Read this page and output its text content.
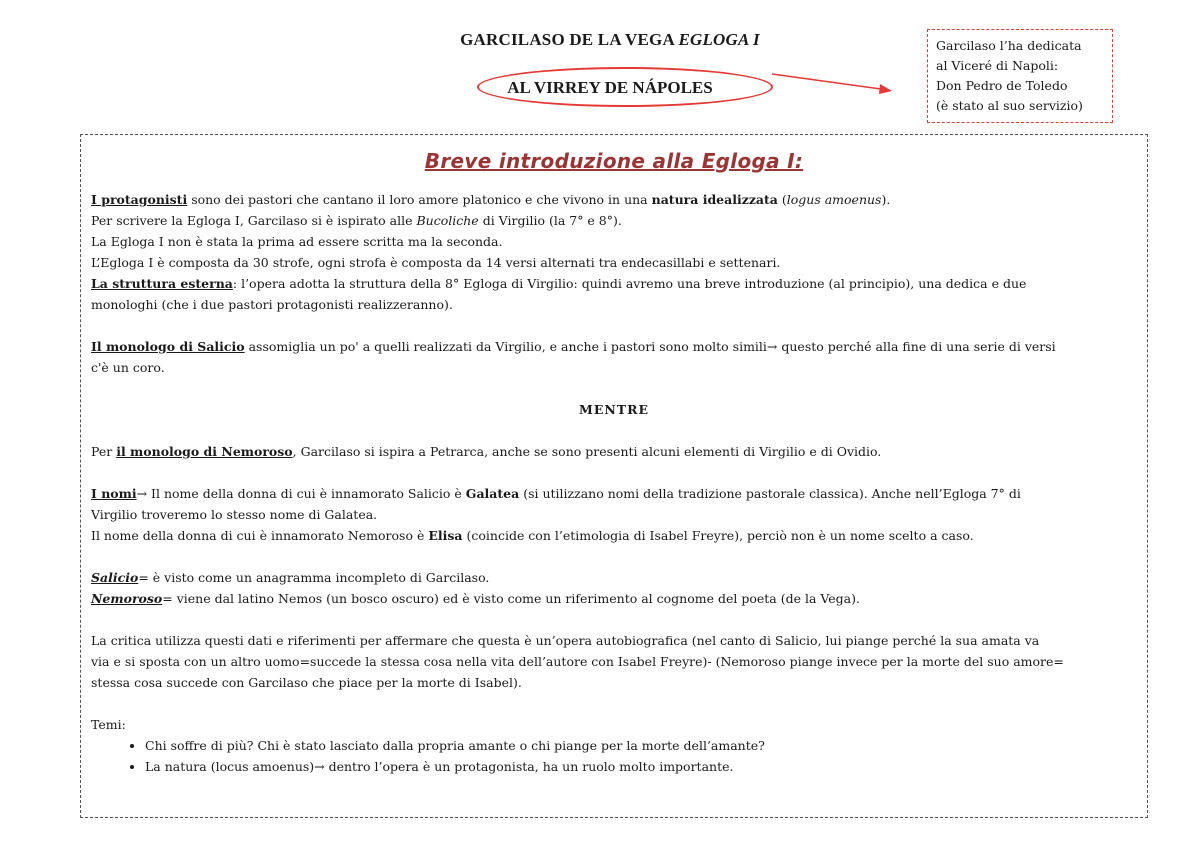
GARCILASO DE LA VEGA EGLOGA I
AL VIRREY DE NÁPOLES
Garcilaso l’ha dedicata
al Viceré di Napoli:
Don Pedro de Toledo
(è stato al suo servizio)
Breve introduzione alla Egloga I:
I protagonisti sono dei pastori che cantano il loro amore platonico e che vivono in una natura idealizzata (logus amoenus).
Per scrivere la Egloga I, Garcilaso si è ispirato alle Bucoliche di Virgilio (la 7° e 8°).
La Egloga I non è stata la prima ad essere scritta ma la seconda.
L’Egloga I è composta da 30 strofe, ogni strofa è composta da 14 versi alternati tra endecasillabi e settenari.
La struttura esterna: l’opera adotta la struttura della 8° Egloga di Virgilio: quindi avremo una breve introduzione (al principio), una dedica e due
monologhi (che i due pastori protagonisti realizzeranno).
Il monologo di Salicio assomiglia un po' a quelli realizzati da Virgilio, e anche i pastori sono molto simili→ questo perché alla fine di una serie di versi
c'è un coro.
MENTRE
Per il monologo di Nemoroso, Garcilaso si ispira a Petrarca, anche se sono presenti alcuni elementi di Virgilio e di Ovidio.
I nomi→ Il nome della donna di cui è innamorato Salicio è Galatea (si utilizzano nomi della tradizione pastorale classica). Anche nell’Egloga 7° di
Virgilio troveremo lo stesso nome di Galatea.
Il nome della donna di cui è innamorato Nemoroso è Elisa (coincide con l’etimologia di Isabel Freyre), perciò non è un nome scelto a caso.
Salicio= è visto come un anagramma incompleto di Garcilaso.
Nemoroso= viene dal latino Nemos (un bosco oscuro) ed è visto come un riferimento al cognome del poeta (de la Vega).
La critica utilizza questi dati e riferimenti per affermare che questa è un’opera autobiografica (nel canto di Salicio, lui piange perché la sua amata va
via e si sposta con un altro uomo=succede la stessa cosa nella vita dell’autore con Isabel Freyre)- (Nemoroso piange invece per la morte del suo amore=
stessa cosa succede con Garcilaso che piace per la morte di Isabel).
Temi:
• Chi soffre di più? Chi è stato lasciato dalla propria amante o chi piange per la morte dell’amante?
• La natura (locus amoenus)→ dentro l’opera è un protagonista, ha un ruolo molto importante.
